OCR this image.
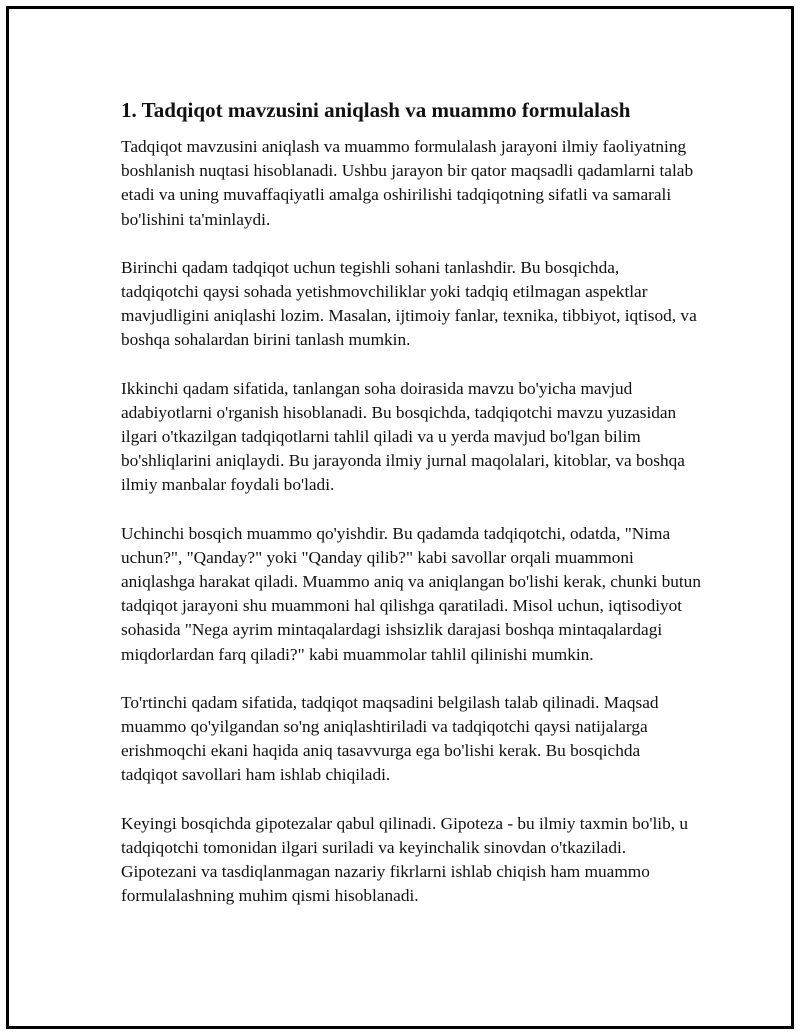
1. Tadqiqot mavzusini aniqlash va muammo formulalash

Tadqiqot mavzusini aniqlash va muammo formulalash jarayoni ilmiy faoliyatning boshlanish nuqtasi hisoblanadi. Ushbu jarayon bir qator maqsadli qadamlarni talab etadi va uning muvaffaqiyatli amalga oshirilishi tadqiqotning sifatli va samarali bo'lishini ta'minlaydi.

Birinchi qadam tadqiqot uchun tegishli sohani tanlashdir. Bu bosqichda, tadqiqotchi qaysi sohada yetishmovchiliklar yoki tadqiq etilmagan aspektlar mavjudligini aniqlashi lozim. Masalan, ijtimoiy fanlar, texnika, tibbiyot, iqtisod, va boshqa sohalardan birini tanlash mumkin.

Ikkinchi qadam sifatida, tanlangan soha doirasida mavzu bo'yicha mavjud adabiyotlarni o'rganish hisoblanadi. Bu bosqichda, tadqiqotchi mavzu yuzasidan ilgari o'tkazilgan tadqiqotlarni tahlil qiladi va u yerda mavjud bo'lgan bilim bo'shliqlarini aniqlaydi. Bu jarayonda ilmiy jurnal maqolalari, kitoblar, va boshqa ilmiy manbalar foydali bo'ladi.

Uchinchi bosqich muammo qo'yishdir. Bu qadamda tadqiqotchi, odatda, "Nima uchun?", "Qanday?" yoki "Qanday qilib?" kabi savollar orqali muammoni aniqlashga harakat qiladi. Muammo aniq va aniqlangan bo'lishi kerak, chunki butun tadqiqot jarayoni shu muammoni hal qilishga qaratiladi. Misol uchun, iqtisodiyot sohasida "Nega ayrim mintaqalardagi ishsizlik darajasi boshqa mintaqalardagi miqdorlardan farq qiladi?" kabi muammolar tahlil qilinishi mumkin.

To'rtinchi qadam sifatida, tadqiqot maqsadini belgilash talab qilinadi. Maqsad muammo qo'yilgandan so'ng aniqlashtiriladi va tadqiqotchi qaysi natijalarga erishmoqchi ekani haqida aniq tasavvurga ega bo'lishi kerak. Bu bosqichda tadqiqot savollari ham ishlab chiqiladi.

Keyingi bosqichda gipotezalar qabul qilinadi. Gipoteza - bu ilmiy taxmin bo'lib, u tadqiqotchi tomonidan ilgari suriladi va keyinchalik sinovdan o'tkaziladi. Gipotezani va tasdiqlanmagan nazariy fikrlarni ishlab chiqish ham muammo formulalashning muhim qismi hisoblanadi.
